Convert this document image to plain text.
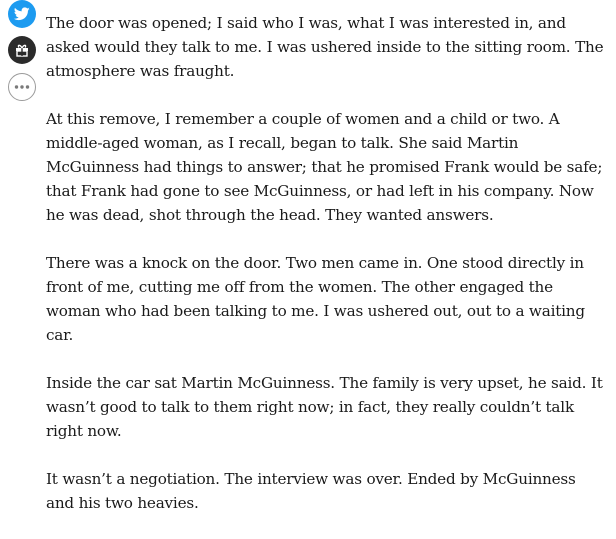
The door was opened; I said who I was, what I was interested in, and asked would they talk to me. I was ushered inside to the sitting room. The atmosphere was fraught.

At this remove, I remember a couple of women and a child or two. A middle-aged woman, as I recall, began to talk. She said Martin McGuinness had things to answer; that he promised Frank would be safe; that Frank had gone to see McGuinness, or had left in his company. Now he was dead, shot through the head. They wanted answers.

There was a knock on the door. Two men came in. One stood directly in front of me, cutting me off from the women. The other engaged the woman who had been talking to me. I was ushered out, out to a waiting car.

Inside the car sat Martin McGuinness. The family is very upset, he said. It wasn’t good to talk to them right now; in fact, they really couldn’t talk right now.

It wasn’t a negotiation. The interview was over. Ended by McGuinness and his two heavies.
